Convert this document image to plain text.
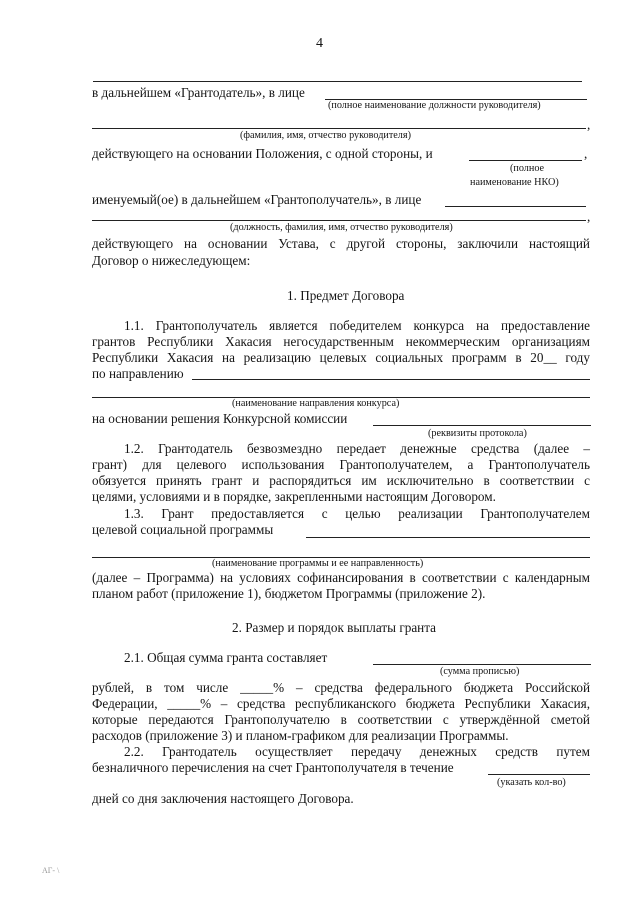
4
в дальнейшем «Грантодатель», в лице
(полное наименование должности руководителя)
,
(фамилия, имя, отчество руководителя)
действующего на основании Положения, с одной стороны, и	,
(полное
наименование НКО)
именуемый(ое) в дальнейшем «Грантополучатель», в лице
,
(должность, фамилия, имя, отчество руководителя)
действующего на основании Устава, с другой стороны, заключили настоящий
Договор о нижеследующем:
1. Предмет Договора
1.1. Грантополучатель является победителем конкурса на предоставление
грантов Республики Хакасия негосударственным некоммерческим организациям
Республики Хакасия на реализацию целевых социальных программ в 20__ году
по направлению
(наименование направления конкурса)
на основании решения Конкурсной комиссии
(реквизиты протокола)
1.2. Грантодатель безвозмездно передает денежные средства (далее –
грант) для целевого использования Грантополучателем, а Грантополучатель
обязуется принять грант и распорядиться им исключительно в соответствии с
целями, условиями и в порядке, закрепленными настоящим Договором.
1.3. Грант предоставляется с целью реализации Грантополучателем
целевой социальной программы
(наименование программы и ее направленность)
(далее – Программа) на условиях софинансирования в соответствии с календарным
планом работ (приложение 1), бюджетом Программы (приложение 2).
2. Размер и порядок выплаты гранта
2.1. Общая сумма гранта составляет
(сумма прописью)
рублей, в том числе _____% – средства федерального бюджета Российской
Федерации, _____% – средства республиканского бюджета Республики Хакасия,
которые передаются Грантополучателю в соответствии с утверждённой сметой
расходов (приложение 3) и планом-графиком для реализации Программы.
2.2. Грантодатель осуществляет передачу денежных средств путем
безналичного перечисления на счет Грантополучателя в течение
(указать кол-во)
дней со дня заключения настоящего Договора.
АГ- \
